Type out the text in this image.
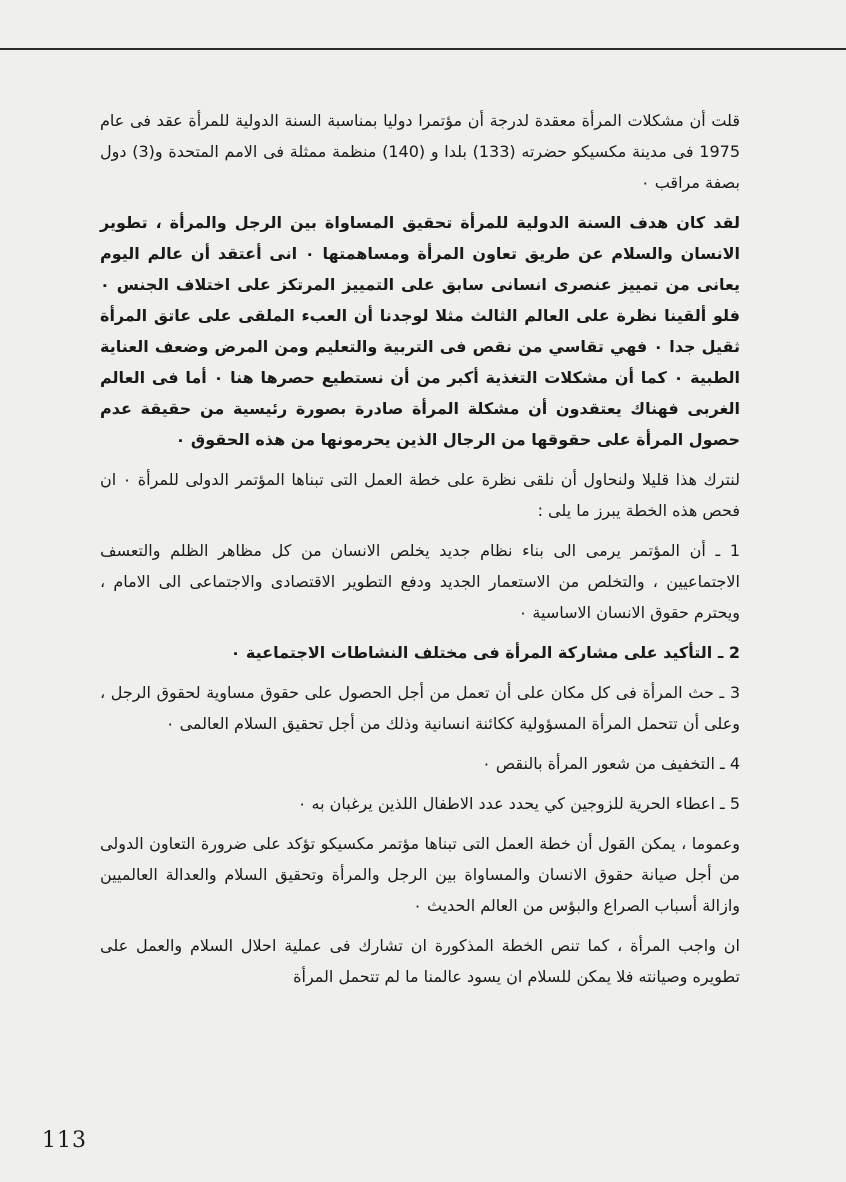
قلت أن مشكلات المرأة معقدة لدرجة أن مؤتمرا دوليا بمناسبة السنة الدولية للمرأة عقد فى عام 1975 فى مدينة مكسيكو حضرته (133) بلدا و (140) منظمة ممثلة فى الامم المتحدة و(3) دول بصفة مراقب ٠

لقد كان هدف السنة الدولية للمرأة تحقيق المساواة بين الرجل والمرأة ، تطوير الانسان والسلام عن طريق تعاون المرأة ومساهمتها ٠ انى أعتقد أن عالم اليوم يعانى من تمييز عنصرى انسانى سابق على التمييز المرتكز على اختلاف الجنس ٠ فلو ألقينا نظرة على العالم الثالث مثلا لوجدنا أن العبء الملقى على عاتق المرأة ثقيل جدا ٠ فهي تقاسي من نقص فى التربية والتعليم ومن المرض وضعف العناية الطبية ٠ كما أن مشكلات التغذية أكبر من أن نستطيع حصرها هنا ٠ أما فى العالم الغربى فهناك يعتقدون أن مشكلة المرأة صادرة بصورة رئيسية من حقيقة عدم حصول المرأة على حقوقها من الرجال الذين يحرمونها من هذه الحقوق ٠

لنترك هذا قليلا ولنحاول أن نلقى نظرة على خطة العمل التى تبناها المؤتمر الدولى للمرأة ٠ ان فحص هذه الخطة يبرز ما يلى :

1 ـ أن المؤتمر يرمى الى بناء نظام جديد يخلص الانسان من كل مظاهر الظلم والتعسف الاجتماعيين ، والتخلص من الاستعمار الجديد ودفع التطوير الاقتصادى والاجتماعى الى الامام ، ويحترم حقوق الانسان الاساسية ٠

2 ـ التأكيد على مشاركة المرأة فى مختلف النشاطات الاجتماعية ٠

3 ـ حث المرأة فى كل مكان على أن تعمل من أجل الحصول على حقوق مساوية لحقوق الرجل ، وعلى أن تتحمل المرأة المسؤولية ككائنة انسانية وذلك من أجل تحقيق السلام العالمى ٠

4 ـ التخفيف من شعور المرأة بالنقص ٠

5 ـ اعطاء الحرية للزوجين كي يحدد عدد الاطفال اللذين يرغبان به ٠

وعموما ، يمكن القول أن خطة العمل التى تبناها مؤتمر مكسيكو تؤكد على ضرورة التعاون الدولى من أجل صيانة حقوق الانسان والمساواة بين الرجل والمرأة وتحقيق السلام والعدالة العالميين وازالة أسباب الصراع والبؤس من العالم الحديث ٠

ان واجب المرأة ، كما تنص الخطة المذكورة ان تشارك فى عملية احلال السلام والعمل على تطويره وصيانته فلا يمكن للسلام ان يسود عالمنا ما لم تتحمل المرأة

113
